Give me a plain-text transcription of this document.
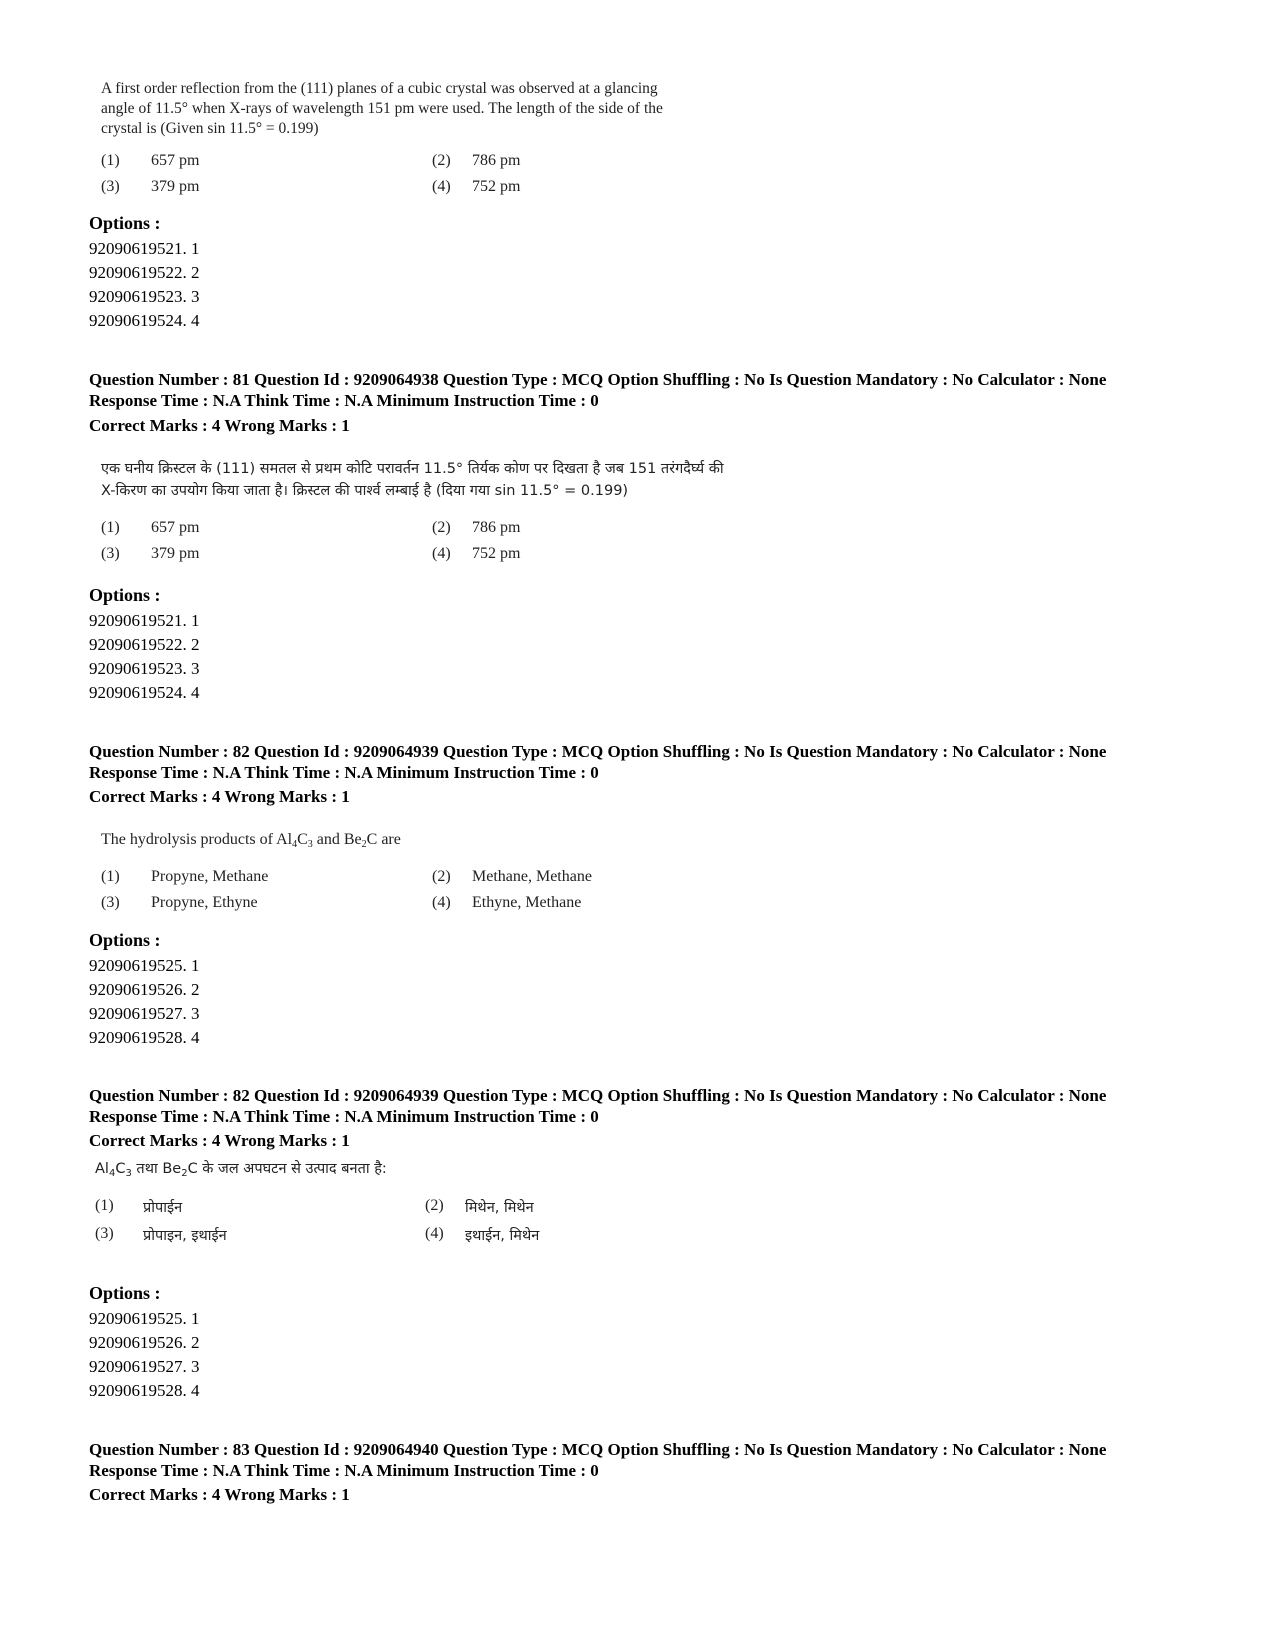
A first order reflection from the (111) planes of a cubic crystal was observed at a glancing
angle of 11.5° when X-rays of wavelength 151 pm were used. The length of the side of the
crystal is (Given sin 11.5° = 0.199)
(1) 657 pm	(2) 786 pm
(3) 379 pm	(4) 752 pm
Options :
92090619521. 1
92090619522. 2
92090619523. 3
92090619524. 4
Question Number : 81 Question Id : 9209064938 Question Type : MCQ Option Shuffling : No Is Question Mandatory : No Calculator : None
Response Time : N.A Think Time : N.A Minimum Instruction Time : 0
Correct Marks : 4 Wrong Marks : 1
एक घनीय क्रिस्टल के (111) समतल से प्रथम कोटि परावर्तन 11.5° तिर्यक कोण पर दिखता है जब 151 तरंगदैर्घ्य की
X-किरण का उपयोग किया जाता है। क्रिस्टल की पार्श्व लम्बाई है (दिया गया sin 11.5° = 0.199)
(1) 657 pm	(2) 786 pm
(3) 379 pm	(4) 752 pm
Options :
92090619521. 1
92090619522. 2
92090619523. 3
92090619524. 4
Question Number : 82 Question Id : 9209064939 Question Type : MCQ Option Shuffling : No Is Question Mandatory : No Calculator : None
Response Time : N.A Think Time : N.A Minimum Instruction Time : 0
Correct Marks : 4 Wrong Marks : 1
The hydrolysis products of $Al_4C_3$ and $Be_2C$ are
(1) Propyne, Methane	(2) Methane, Methane
(3) Propyne, Ethyne	(4) Ethyne, Methane
Options :
92090619525. 1
92090619526. 2
92090619527. 3
92090619528. 4
Question Number : 82 Question Id : 9209064939 Question Type : MCQ Option Shuffling : No Is Question Mandatory : No Calculator : None
Response Time : N.A Think Time : N.A Minimum Instruction Time : 0
Correct Marks : 4 Wrong Marks : 1
$Al_4C_3$ तथा $Be_2C$ के जल अपघटन से उत्पाद बनता है:
(1) प्रोपाईन	(2) मिथेन, मिथेन
(3) प्रोपाइन, इथाईन	(4) इथाईन, मिथेन
Options :
92090619525. 1
92090619526. 2
92090619527. 3
92090619528. 4
Question Number : 83 Question Id : 9209064940 Question Type : MCQ Option Shuffling : No Is Question Mandatory : No Calculator : None
Response Time : N.A Think Time : N.A Minimum Instruction Time : 0
Correct Marks : 4 Wrong Marks : 1
